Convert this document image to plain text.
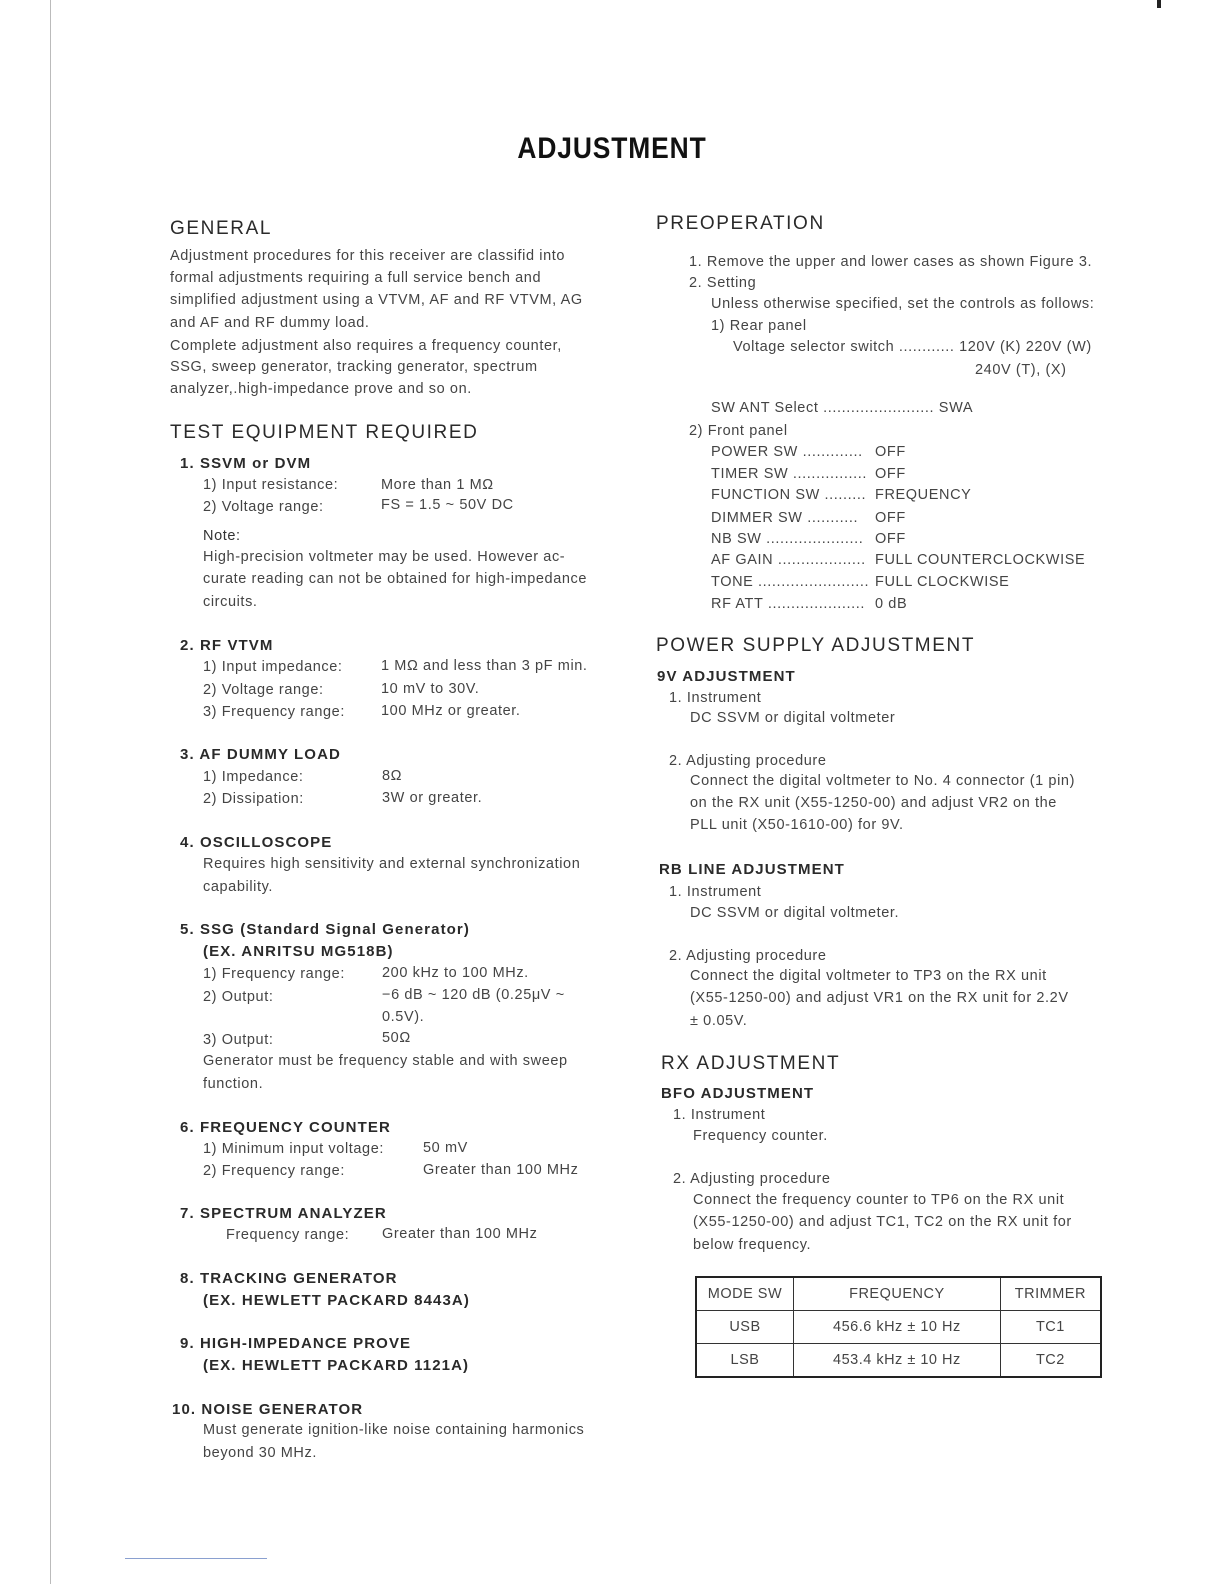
ADJUSTMENT
GENERAL
Adjustment procedures for this receiver are classifid into
formal adjustments requiring a full service bench and
simplified adjustment using a VTVM, AF and RF VTVM, AG
and AF and RF dummy load.
Complete adjustment also requires a frequency counter,
SSG, sweep generator, tracking generator, spectrum
analyzer,.high-impedance prove and so on.
TEST EQUIPMENT REQUIRED
1. SSVM or DVM
1) Input resistance:	More than 1 MΩ
2) Voltage range:	FS = 1.5 ~ 50V DC
Note:
High-precision voltmeter may be used. However ac-
curate reading can not be obtained for high-impedance
circuits.
2. RF VTVM
1) Input impedance:	1 MΩ and less than 3 pF min.
2) Voltage range:	10 mV to 30V.
3) Frequency range: 100 MHz or greater.
3. AF DUMMY LOAD
1) Impedance:	8Ω
2) Dissipation:	3W or greater.
4. OSCILLOSCOPE
Requires high sensitivity and external synchronization
capability.
5. SSG (Standard Signal Generator)
(EX. ANRITSU MG518B)
1) Frequency range:	200 kHz to 100 MHz.
2) Output:	−6 dB ~ 120 dB (0.25μV ~
0.5V).
3) Output:	50Ω
Generator must be frequency stable and with sweep
function.
6. FREQUENCY COUNTER
1) Minimum input voltage:	50 mV
2) Frequency range:	Greater than 100 MHz
7. SPECTRUM ANALYZER
Frequency range: Greater than 100 MHz
8. TRACKING GENERATOR
(EX. HEWLETT PACKARD 8443A)
9. HIGH-IMPEDANCE PROVE
(EX. HEWLETT PACKARD 1121A)
10. NOISE GENERATOR
Must generate ignition-like noise containing harmonics
beyond 30 MHz.
PREOPERATION
1. Remove the upper and lower cases as shown Figure 3.
2. Setting
Unless otherwise specified, set the controls as follows:
1) Rear panel
Voltage selector switch ............ 120V (K) 220V (W)
240V (T), (X)
SW ANT Select ........................ SWA
2) Front panel
POWER SW ............. OFF
TIMER SW ................ OFF
FUNCTION SW ......... FREQUENCY
DIMMER SW ........... OFF
NB SW ..................... OFF
AF GAIN ................... FULL COUNTERCLOCKWISE
TONE ........................ FULL CLOCKWISE
RF ATT ..................... 0 dB
POWER SUPPLY ADJUSTMENT
9V ADJUSTMENT
1. Instrument
DC SSVM or digital voltmeter
2. Adjusting procedure
Connect the digital voltmeter to No. 4 connector (1 pin)
on the RX unit (X55-1250-00) and adjust VR2 on the
PLL unit (X50-1610-00) for 9V.
RB LINE ADJUSTMENT
1. Instrument
DC SSVM or digital voltmeter.
2. Adjusting procedure
Connect the digital voltmeter to TP3 on the RX unit
(X55-1250-00) and adjust VR1 on the RX unit for 2.2V
± 0.05V.
RX ADJUSTMENT
BFO ADJUSTMENT
1. Instrument
Frequency counter.
2. Adjusting procedure
Connect the frequency counter to TP6 on the RX unit
(X55-1250-00) and adjust TC1, TC2 on the RX unit for
below frequency.
MODE SW	FREQUENCY	TRIMMER
USB	456.6 kHz ± 10 Hz	TC1
LSB	453.4 kHz ± 10 Hz	TC2
